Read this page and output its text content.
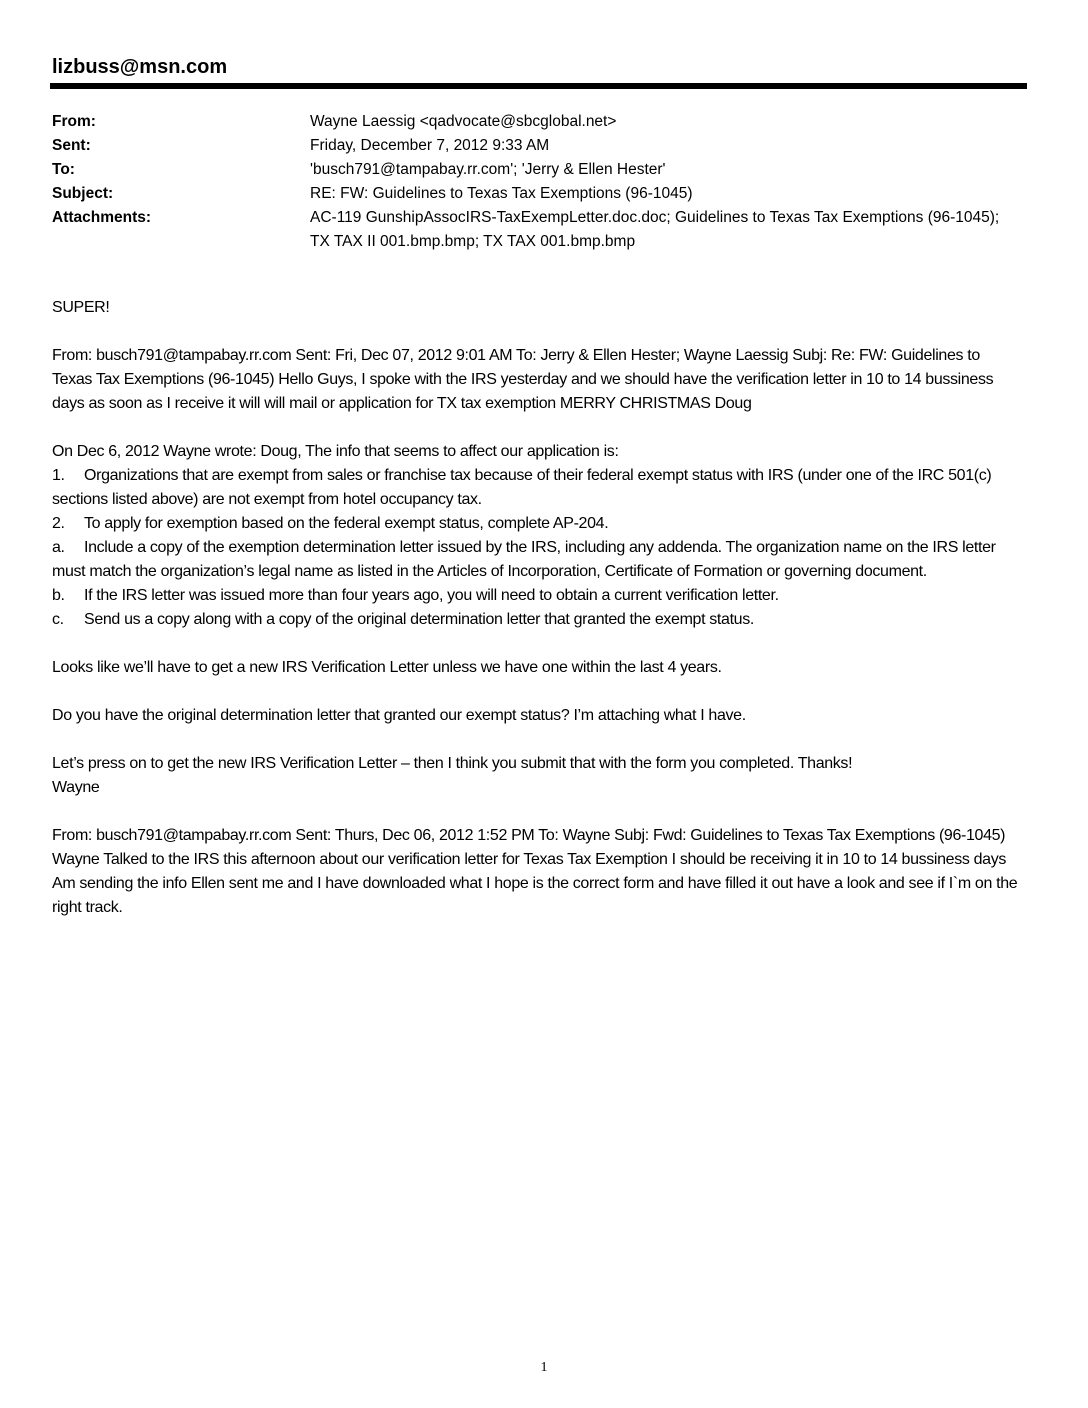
lizbuss@msn.com
From:	Wayne Laessig <qadvocate@sbcglobal.net>
Sent:	Friday, December 7, 2012 9:33 AM
To:	'busch791@tampabay.rr.com'; 'Jerry & Ellen Hester'
Subject:	RE: FW: Guidelines to Texas Tax Exemptions (96-1045)
Attachments:	AC-119 GunshipAssocIRS-TaxExempLetter.doc.doc; Guidelines to Texas Tax Exemptions (96-1045); TX TAX II 001.bmp.bmp; TX TAX 001.bmp.bmp

SUPER!

From: busch791@tampabay.rr.com Sent: Fri, Dec 07, 2012 9:01 AM To: Jerry & Ellen Hester; Wayne Laessig Subj: Re: FW: Guidelines to Texas Tax Exemptions (96-1045) Hello Guys, I spoke with the IRS yesterday and we should have the verification letter in 10 to 14 bussiness days as soon as I receive it will will mail or application for TX tax exemption MERRY CHRISTMAS Doug

On Dec 6, 2012 Wayne wrote: Doug, The info that seems to affect our application is:

1. Organizations that are exempt from sales or franchise tax because of their federal exempt status with IRS (under one of the IRC 501(c) sections listed above) are not exempt from hotel occupancy tax.

2. To apply for exemption based on the federal exempt status, complete AP-204.

a. Include a copy of the exemption determination letter issued by the IRS, including any addenda. The organization name on the IRS letter must match the organization’s legal name as listed in the Articles of Incorporation, Certificate of Formation or governing document.

b. If the IRS letter was issued more than four years ago, you will need to obtain a current verification letter.

c. Send us a copy along with a copy of the original determination letter that granted the exempt status.

Looks like we’ll have to get a new IRS Verification Letter unless we have one within the last 4 years.

Do you have the original determination letter that granted our exempt status? I’m attaching what I have.

Let’s press on to get the new IRS Verification Letter – then I think you submit that with the form you completed. Thanks!

Wayne

From: busch791@tampabay.rr.com Sent: Thurs, Dec 06, 2012 1:52 PM To: Wayne Subj: Fwd: Guidelines to Texas Tax Exemptions (96-1045) Wayne Talked to the IRS this afternoon about our verification letter for Texas Tax Exemption I should be receiving it in 10 to 14 bussiness days Am sending the info Ellen sent me and I have downloaded what I hope is the correct form and have filled it out have a look and see if I`m on the right track.

1
